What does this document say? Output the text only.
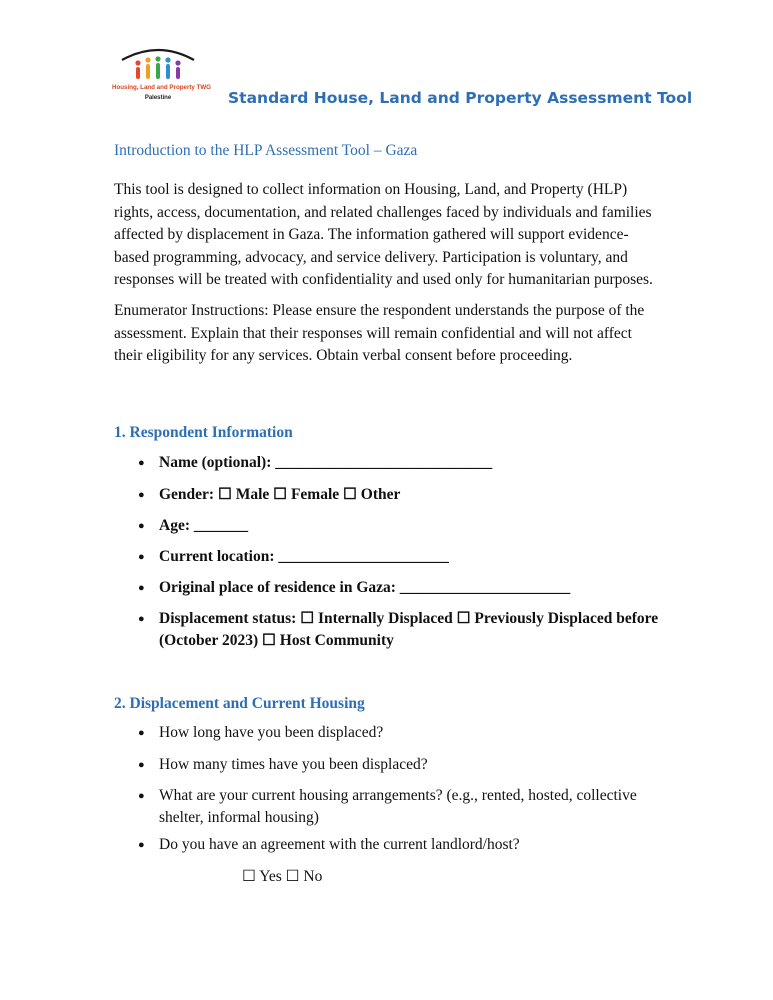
Housing, Land and Property TWG
Palestine	Standard House, Land and Property Assessment Tool
Introduction to the HLP Assessment Tool – Gaza

This tool is designed to collect information on Housing, Land, and Property (HLP) rights, access, documentation, and related challenges faced by individuals and families affected by displacement in Gaza. The information gathered will support evidence-based programming, advocacy, and service delivery. Participation is voluntary, and responses will be treated with confidentiality and used only for humanitarian purposes.

Enumerator Instructions: Please ensure the respondent understands the purpose of the assessment. Explain that their responses will remain confidential and will not affect their eligibility for any services. Obtain verbal consent before proceeding.

1. Respondent Information
● Name (optional): ____________________________
● Gender: ☐ Male ☐ Female ☐ Other
● Age: _______
● Current location: ______________________
● Original place of residence in Gaza: ______________________
● Displacement status: ☐ Internally Displaced ☐ Previously Displaced before (October 2023) ☐ Host Community
2. Displacement and Current Housing
● How long have you been displaced?
● How many times have you been displaced?
● What are your current housing arrangements? (e.g., rented, hosted, collective shelter, informal housing)
● Do you have an agreement with the current landlord/host?
☐ Yes ☐ No
